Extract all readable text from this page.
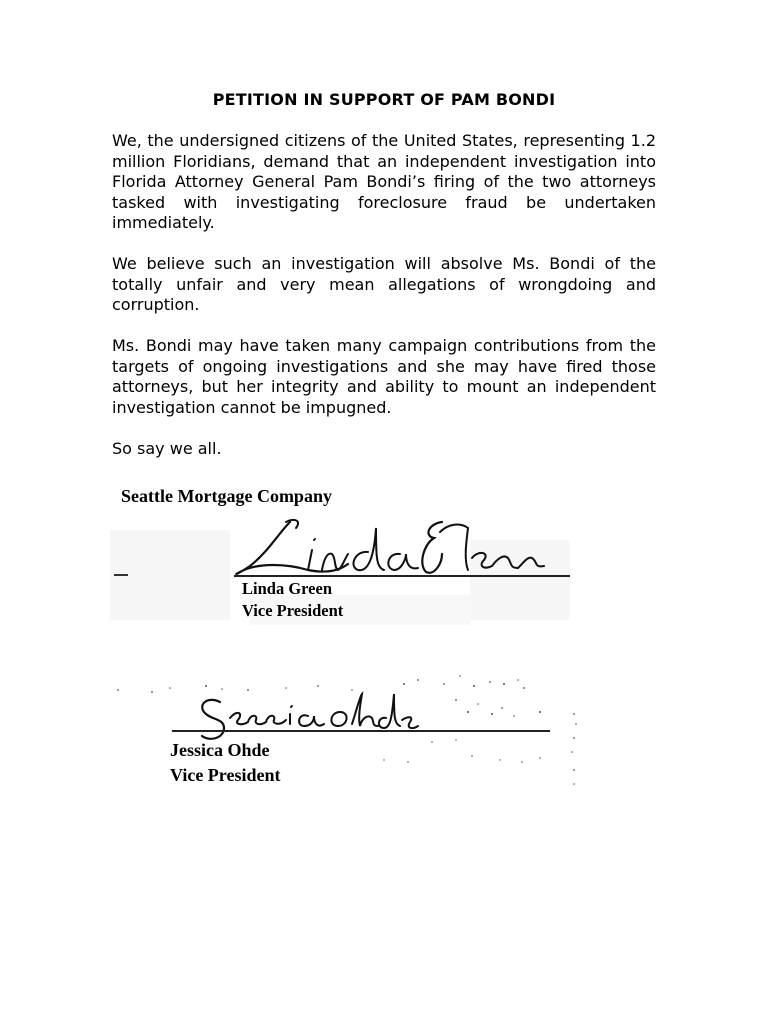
PETITION IN SUPPORT OF PAM BONDI

We, the undersigned citizens of the United States, representing 1.2 million Floridians, demand that an independent investigation into Florida Attorney General Pam Bondi’s firing of the two attorneys tasked with investigating foreclosure fraud be undertaken immediately.

We believe such an investigation will absolve Ms. Bondi of the totally unfair and very mean allegations of wrongdoing and corruption.

Ms. Bondi may have taken many campaign contributions from the targets of ongoing investigations and she may have fired those attorneys, but her integrity and ability to mount an independent investigation cannot be impugned.

So say we all.

Seattle Mortgage Company
Linda Green
Vice President
Jessica Ohde
Vice President
